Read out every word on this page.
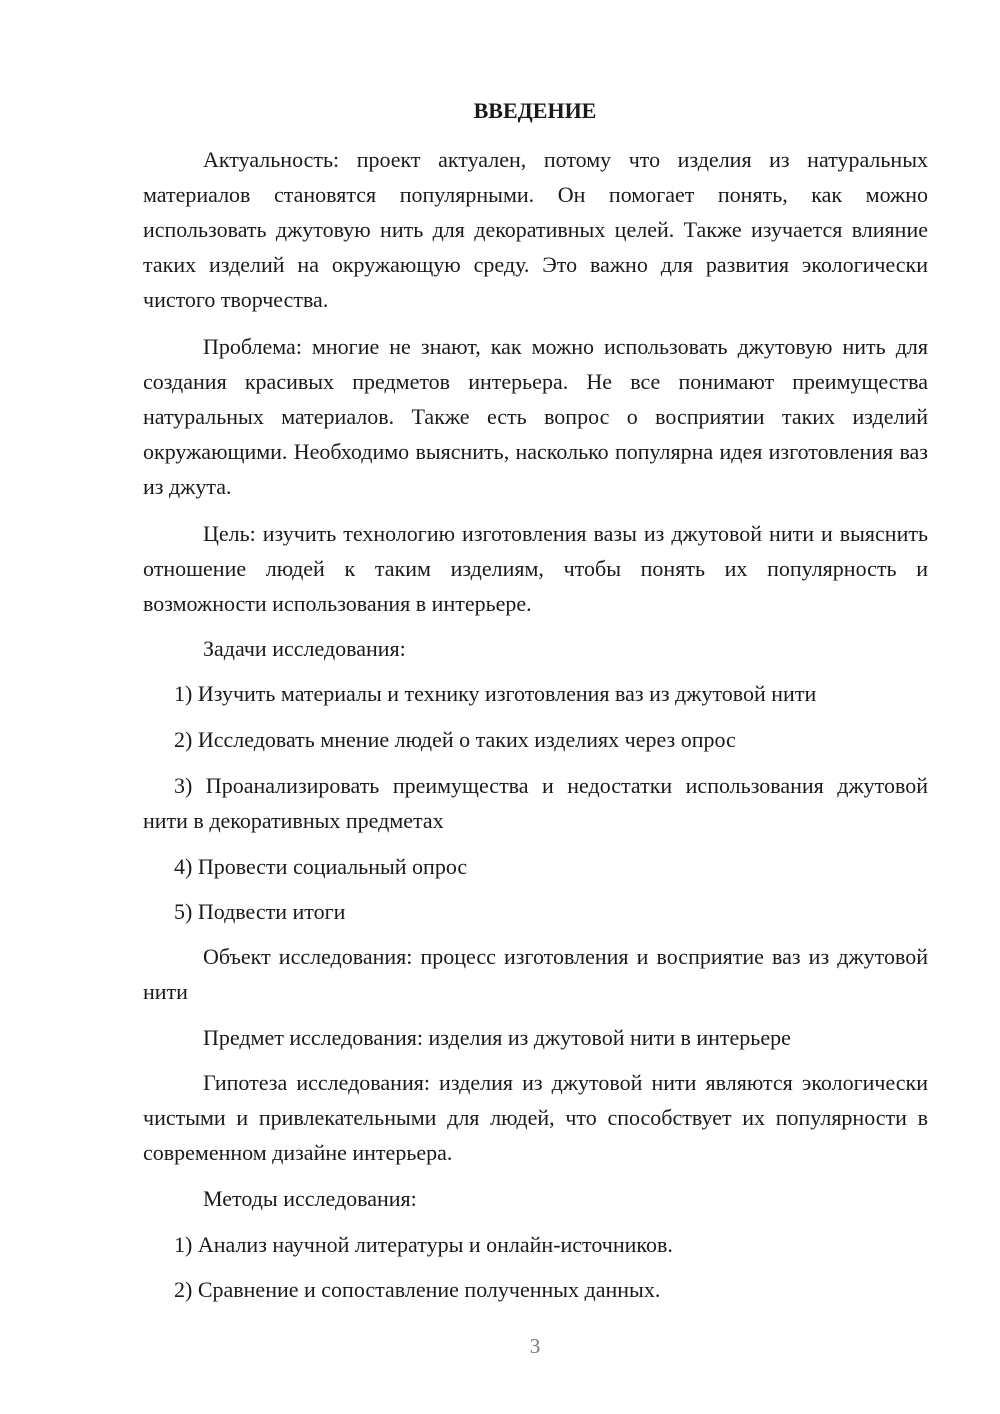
ВВЕДЕНИЕ

Актуальность: проект актуален, потому что изделия из натуральных материалов становятся популярными. Он помогает понять, как можно использовать джутовую нить для декоративных целей. Также изучается влияние таких изделий на окружающую среду. Это важно для развития экологически чистого творчества.

Проблема: многие не знают, как можно использовать джутовую нить для создания красивых предметов интерьера. Не все понимают преимущества натуральных материалов. Также есть вопрос о восприятии таких изделий окружающими. Необходимо выяснить, насколько популярна идея изготовления ваз из джута.

Цель: изучить технологию изготовления вазы из джутовой нити и выяснить отношение людей к таким изделиям, чтобы понять их популярность и возможности использования в интерьере.

Задачи исследования:

1) Изучить материалы и технику изготовления ваз из джутовой нити

2) Исследовать мнение людей о таких изделиях через опрос

3) Проанализировать преимущества и недостатки использования джутовой нити в декоративных предметах

4) Провести социальный опрос

5) Подвести итоги

Объект исследования: процесс изготовления и восприятие ваз из джутовой нити

Предмет исследования: изделия из джутовой нити в интерьере

Гипотеза исследования: изделия из джутовой нити являются экологически чистыми и привлекательными для людей, что способствует их популярности в современном дизайне интерьера.

Методы исследования:

1) Анализ научной литературы и онлайн-источников.

2) Сравнение и сопоставление полученных данных.

3
